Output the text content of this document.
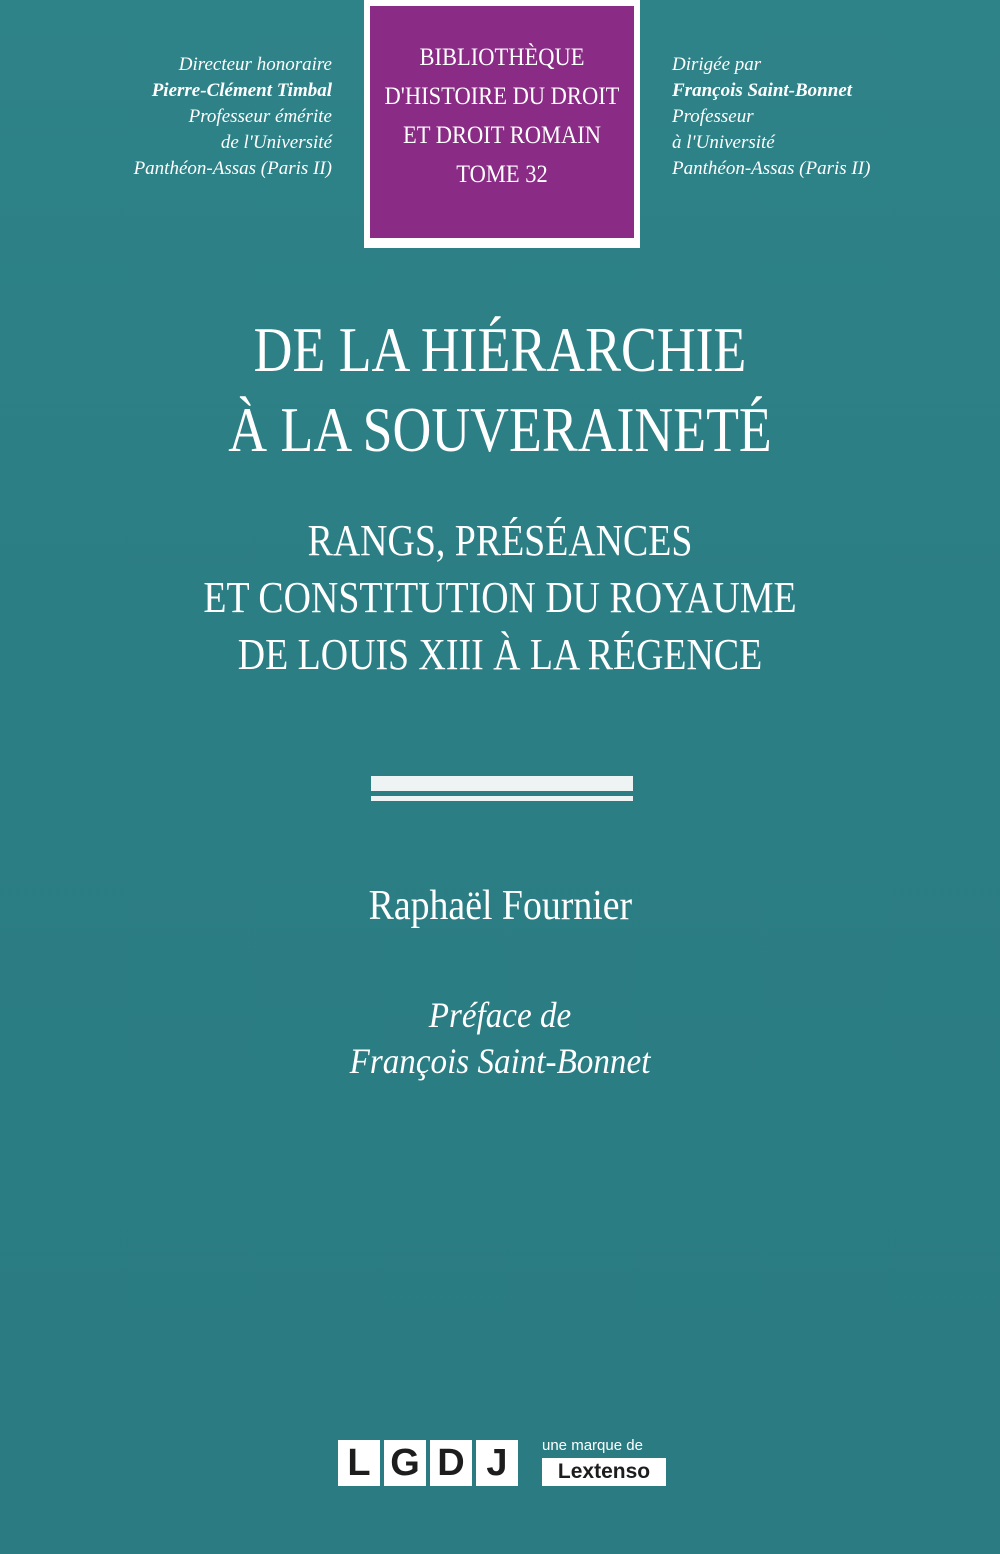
Directeur honoraire
Pierre-Clément Timbal
Professeur émérite
de l'Université
Panthéon-Assas (Paris II)
BIBLIOTHÈQUE
D'HISTOIRE DU DROIT
ET DROIT ROMAIN
TOME 32
Dirigée par
François Saint-Bonnet
Professeur
à l'Université
Panthéon-Assas (Paris II)
DE LA HIÉRARCHIE
À LA SOUVERAINETÉ
RANGS, PRÉSÉANCES
ET CONSTITUTION DU ROYAUME
DE LOUIS XIII À LA RÉGENCE
Raphaël Fournier
Préface de
François Saint-Bonnet
L G D J	une marque de
Lextenso
